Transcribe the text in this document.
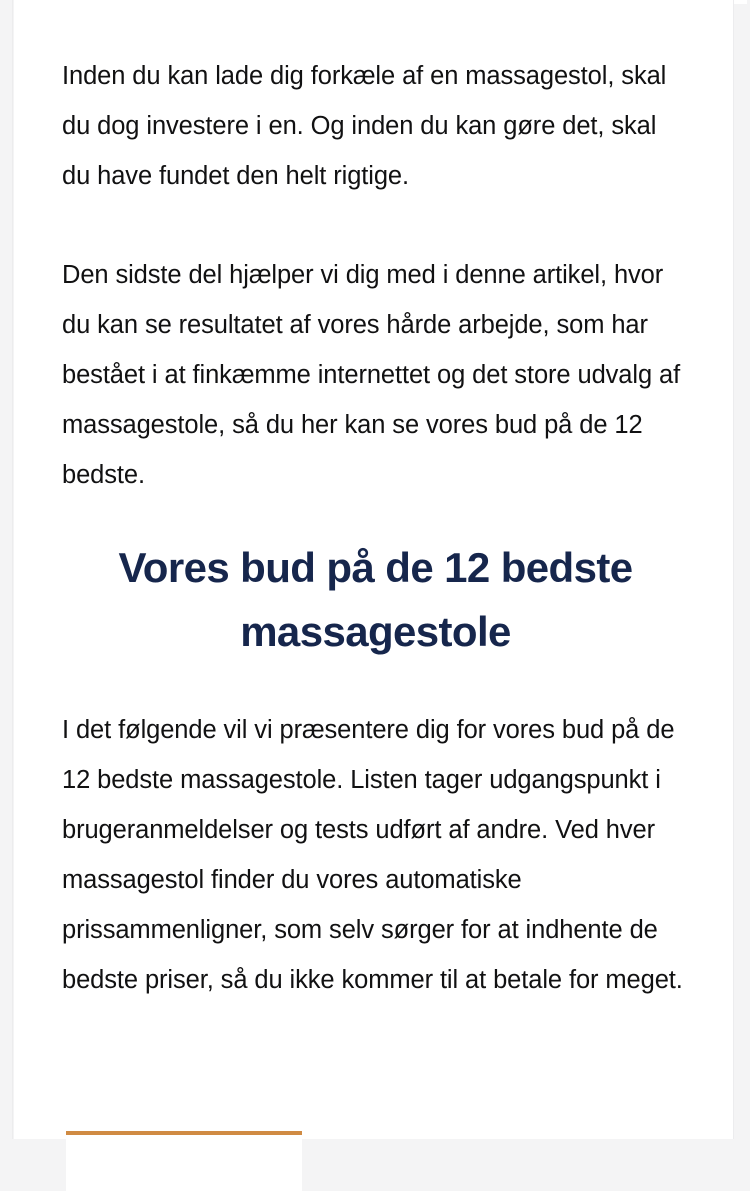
Inden du kan lade dig forkæle af en massagestol, skal du dog investere i en. Og inden du kan gøre det, skal du have fundet den helt rigtige.

Den sidste del hjælper vi dig med i denne artikel, hvor du kan se resultatet af vores hårde arbejde, som har bestået i at finkæmme internettet og det store udvalg af massagestole, så du her kan se vores bud på de 12 bedste.

Vores bud på de 12 bedste massagestole

I det følgende vil vi præsentere dig for vores bud på de 12 bedste massagestole. Listen tager udgangspunkt i brugeranmeldelser og tests udført af andre. Ved hver massagestol finder du vores automatiske prissammenligner, som selv sørger for at indhente de bedste priser, så du ikke kommer til at betale for meget.
